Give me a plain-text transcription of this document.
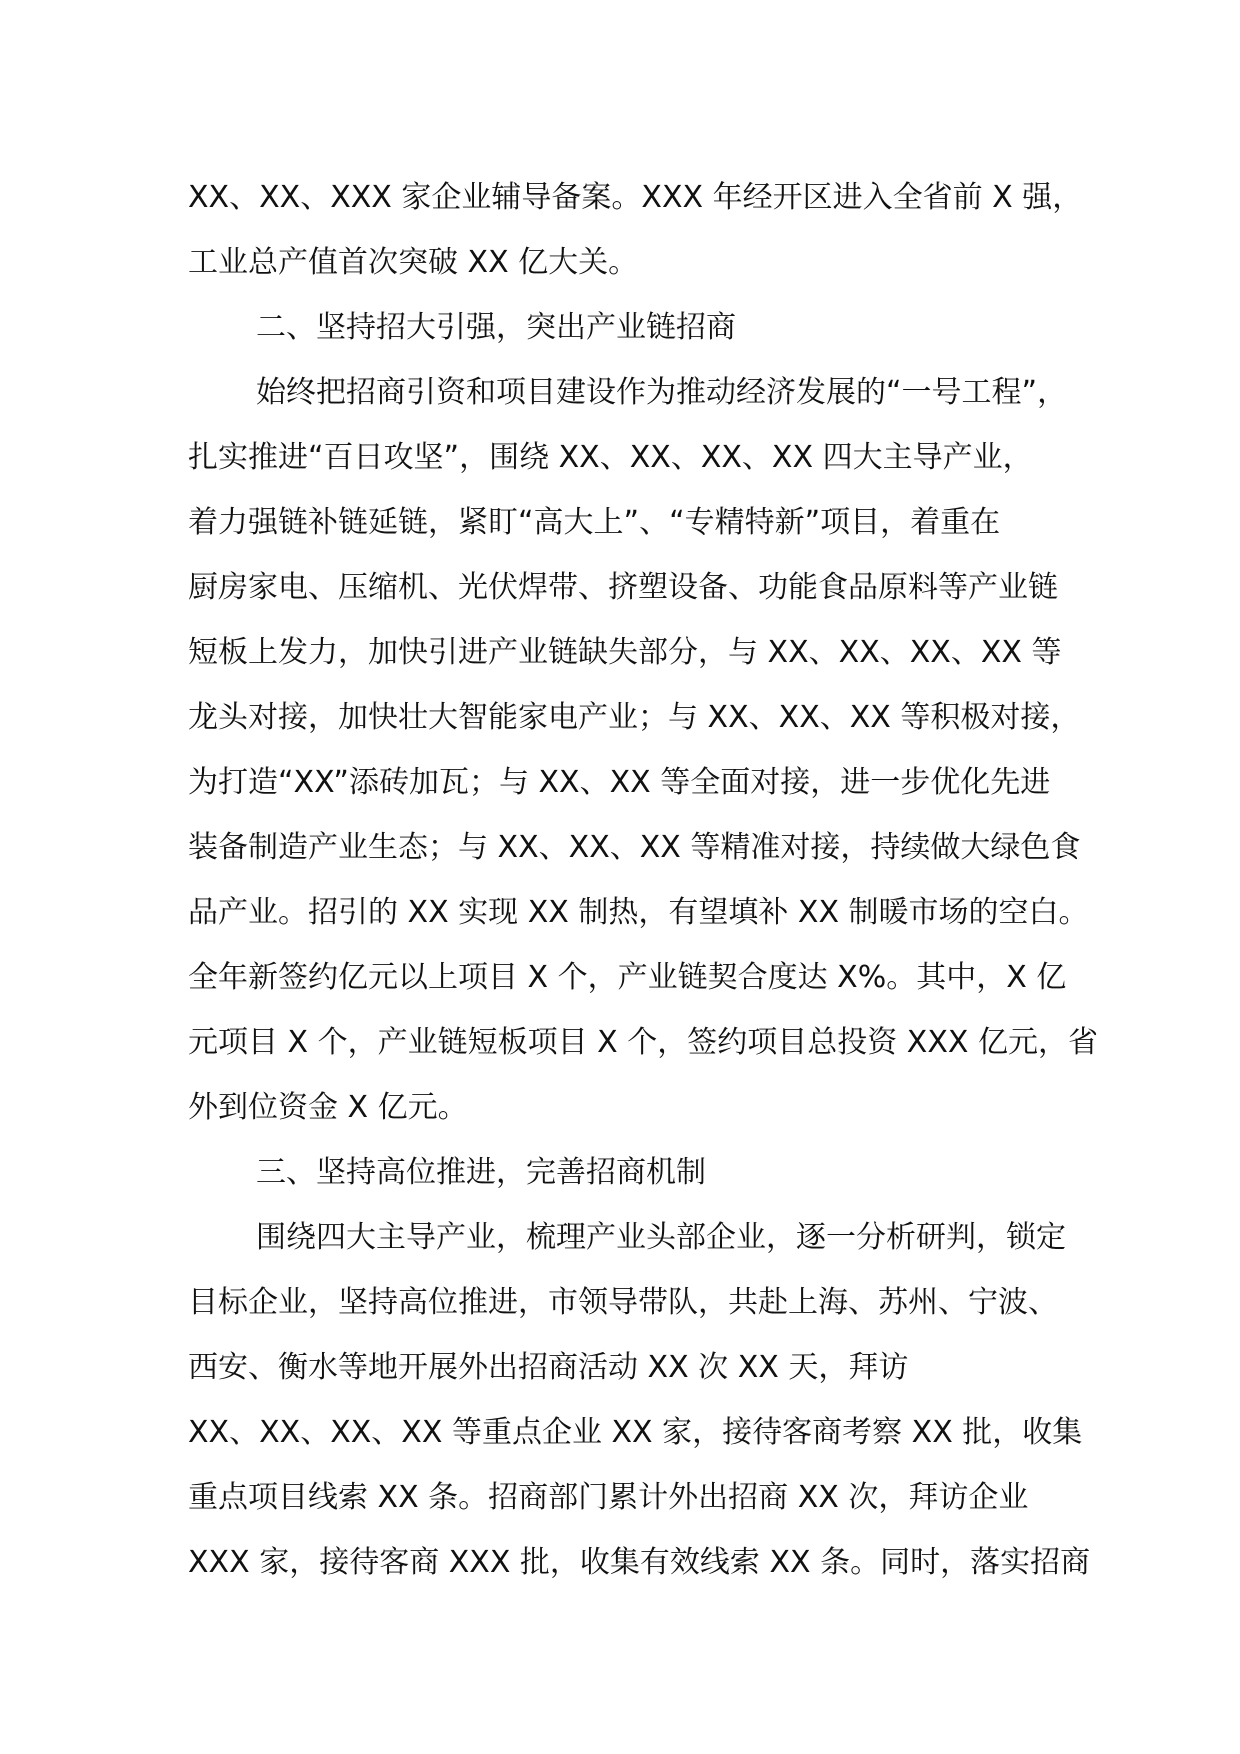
XX、XX、XXX 家企业辅导备案。XXX 年经开区进入全省前 X 强，

工业总产值首次突破 XX 亿大关。

二、坚持招大引强，突出产业链招商

始终把招商引资和项目建设作为推动经济发展的“一号工程”，

扎实推进“百日攻坚”，围绕 XX、XX、XX、XX 四大主导产业，

着力强链补链延链，紧盯“高大上”、“专精特新”项目，着重在

厨房家电、压缩机、光伏焊带、挤塑设备、功能食品原料等产业链

短板上发力，加快引进产业链缺失部分，与 XX、XX、XX、XX 等

龙头对接，加快壮大智能家电产业；与 XX、XX、XX 等积极对接，

为打造“XX”添砖加瓦；与 XX、XX 等全面对接，进一步优化先进

装备制造产业生态；与 XX、XX、XX 等精准对接，持续做大绿色食

品产业。招引的 XX 实现 XX 制热，有望填补 XX 制暖市场的空白。

全年新签约亿元以上项目 X 个，产业链契合度达 X%。其中，X 亿

元项目 X 个，产业链短板项目 X 个，签约项目总投资 XXX 亿元，省

外到位资金 X 亿元。

三、坚持高位推进，完善招商机制

围绕四大主导产业，梳理产业头部企业，逐一分析研判，锁定

目标企业，坚持高位推进，市领导带队，共赴上海、苏州、宁波、

西安、衡水等地开展外出招商活动 XX 次 XX 天，拜访

XX、XX、XX、XX 等重点企业 XX 家，接待客商考察 XX 批，收集

重点项目线索 XX 条。招商部门累计外出招商 XX 次，拜访企业

XXX 家，接待客商 XXX 批，收集有效线索 XX 条。同时，落实招商
